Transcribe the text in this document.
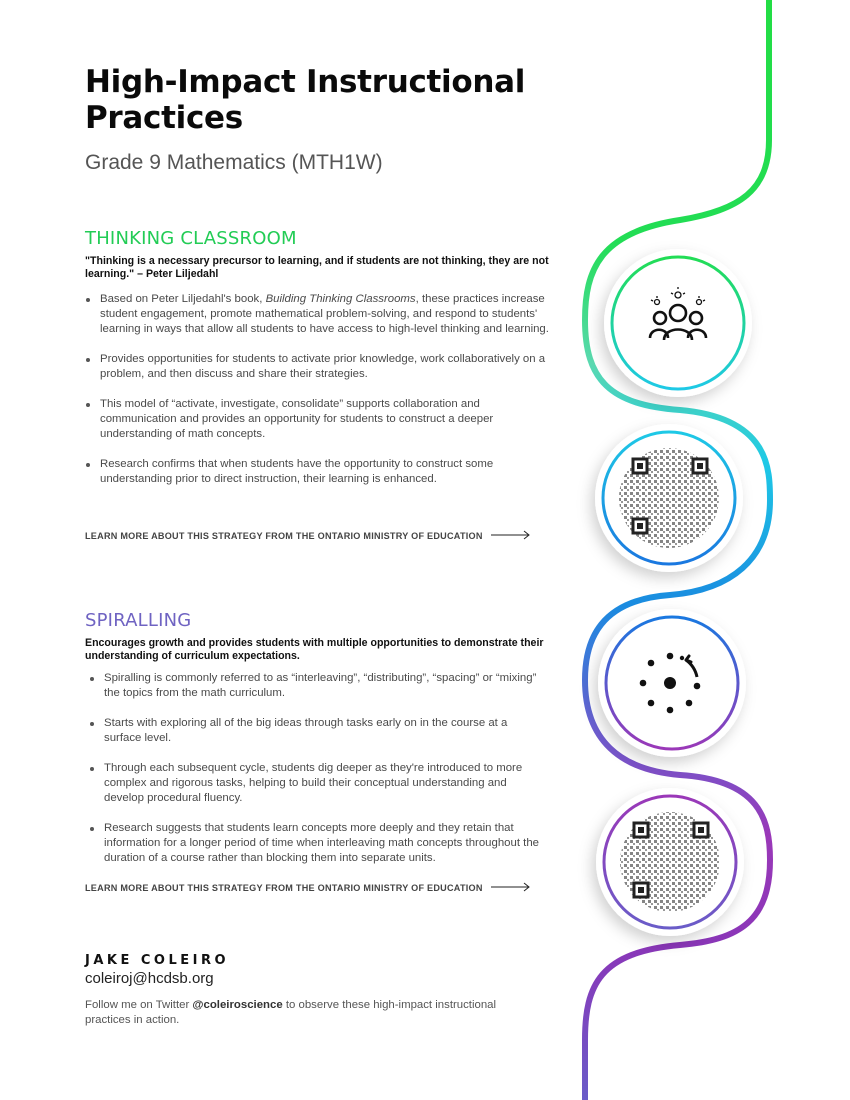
High-Impact Instructional Practices
Grade 9 Mathematics (MTH1W)
THINKING CLASSROOM
"Thinking is a necessary precursor to learning, and if students are not thinking, they are not learning." – Peter Liljedahl
Based on Peter Liljedahl's book, Building Thinking Classrooms, these practices increase student engagement, promote mathematical problem-solving, and respond to students' learning in ways that allow all students to have access to high-level thinking and learning.
Provides opportunities for students to activate prior knowledge, work collaboratively on a problem, and then discuss and share their strategies.
This model of “activate, investigate, consolidate” supports collaboration and communication and provides an opportunity for students to construct a deeper understanding of math concepts.
Research confirms that when students have the opportunity to construct some understanding prior to direct instruction, their learning is enhanced.
LEARN MORE ABOUT THIS STRATEGY FROM THE ONTARIO MINISTRY OF EDUCATION
SPIRALLING
Encourages growth and provides students with multiple opportunities to demonstrate their understanding of curriculum expectations.
Spiralling is commonly referred to as “interleaving”, “distributing”, “spacing” or “mixing” the topics from the math curriculum.
Starts with exploring all of the big ideas through tasks early on in the course at a surface level.
Through each subsequent cycle, students dig deeper as they're introduced to more complex and rigorous tasks, helping to build their conceptual understanding and develop procedural fluency.
Research suggests that students learn concepts more deeply and they retain that information for a longer period of time when interleaving math concepts throughout the duration of a course rather than blocking them into separate units.
LEARN MORE ABOUT THIS STRATEGY FROM THE ONTARIO MINISTRY OF EDUCATION
JAKE COLEIRO
coleiroj@hcdsb.org
Follow me on Twitter @coleiroscience to observe these high-impact instructional practices in action.
